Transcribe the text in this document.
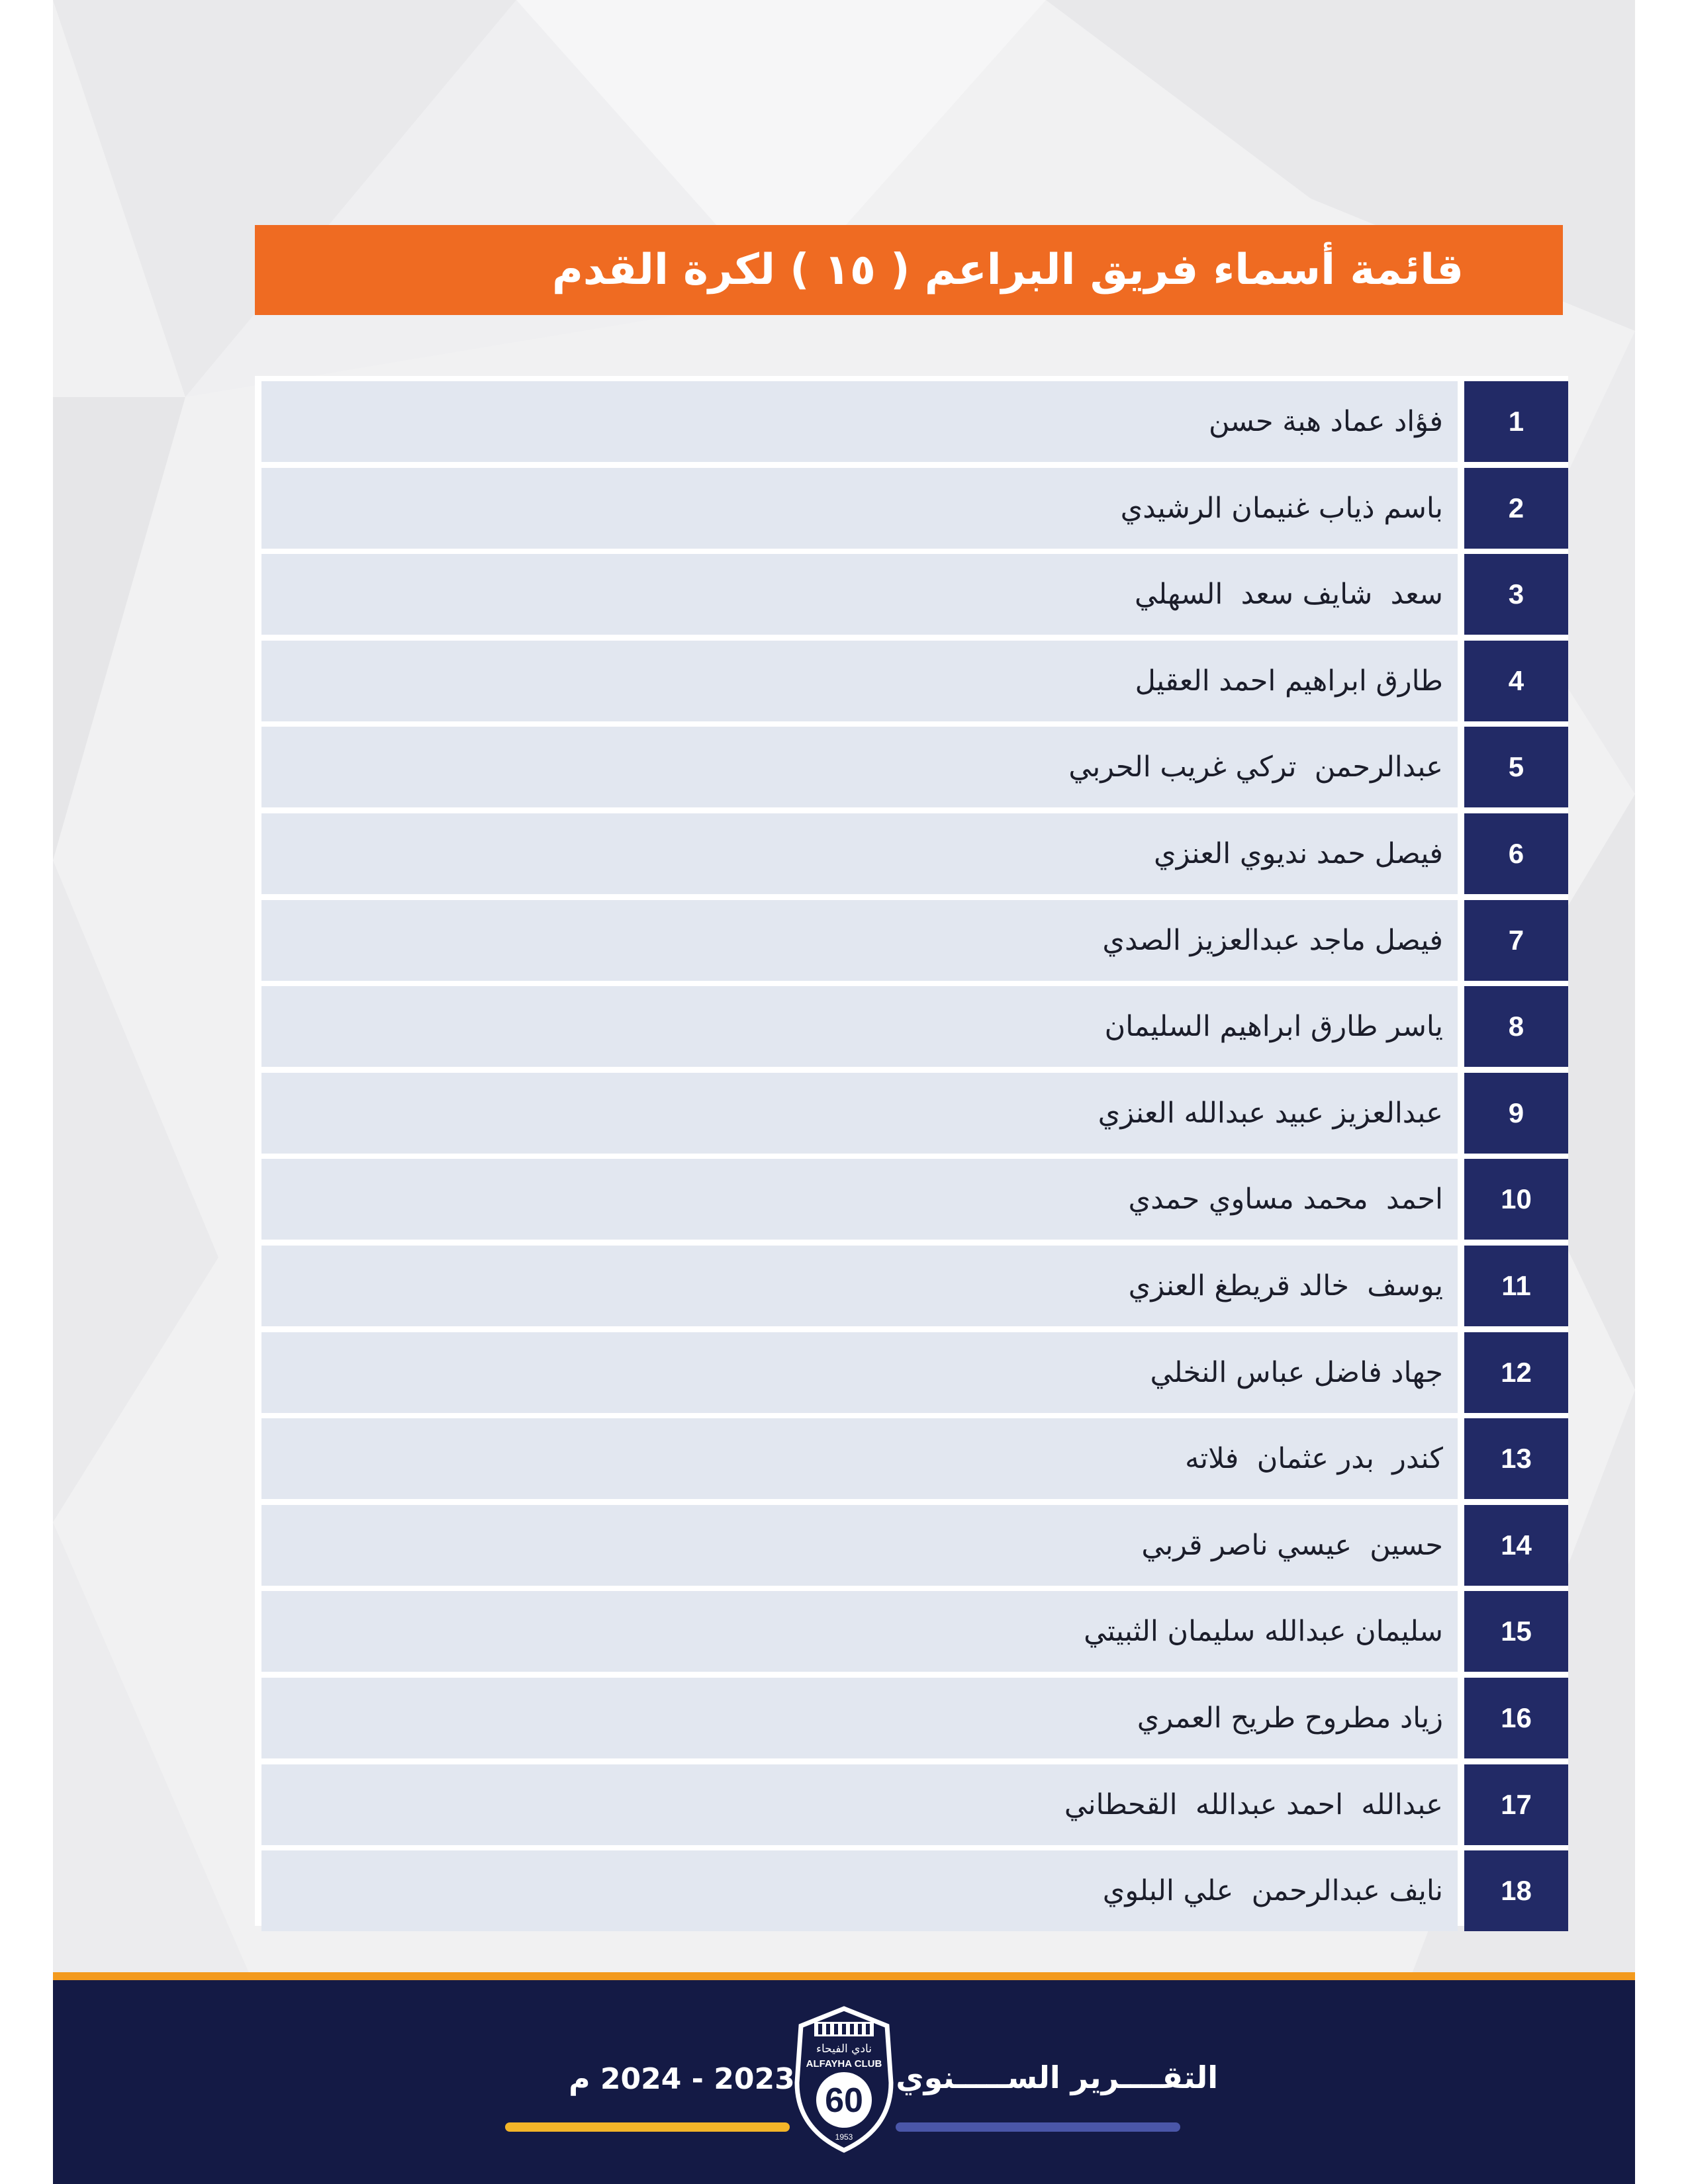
قائمة أسماء فريق البراعم ( ١٥ ) لكرة القدم
فؤاد عماد هبة حسن 1
باسم ذياب غنيمان الرشيدي 2
سعد  شايف سعد  السهلي 3
طارق ابراهيم احمد العقيل 4
عبدالرحمن  تركي غريب الحربي 5
فيصل حمد نديوي العنزي 6
فيصل ماجد عبدالعزيز الصدي 7
ياسر طارق ابراهيم السليمان 8
عبدالعزيز عبيد عبدالله العنزي 9
احمد  محمد مساوي حمدي 10
يوسف  خالد قريطغ العنزي 11
جهاد فاضل عباس النخلي 12
كندر  بدر عثمان  فلاته 13
حسين  عيسي ناصر قربي 14
سليمان عبدالله سليمان الثبيتي 15
زياد مطروح طريح العمري 16
عبدالله  احمد عبدالله  القحطاني 17
نايف عبدالرحمن  علي البلوي 18
التقــــرير الســـــنوي
نادي الفيحاء
ALFAYHA CLUB
60
1953
2023 - 2024 م
